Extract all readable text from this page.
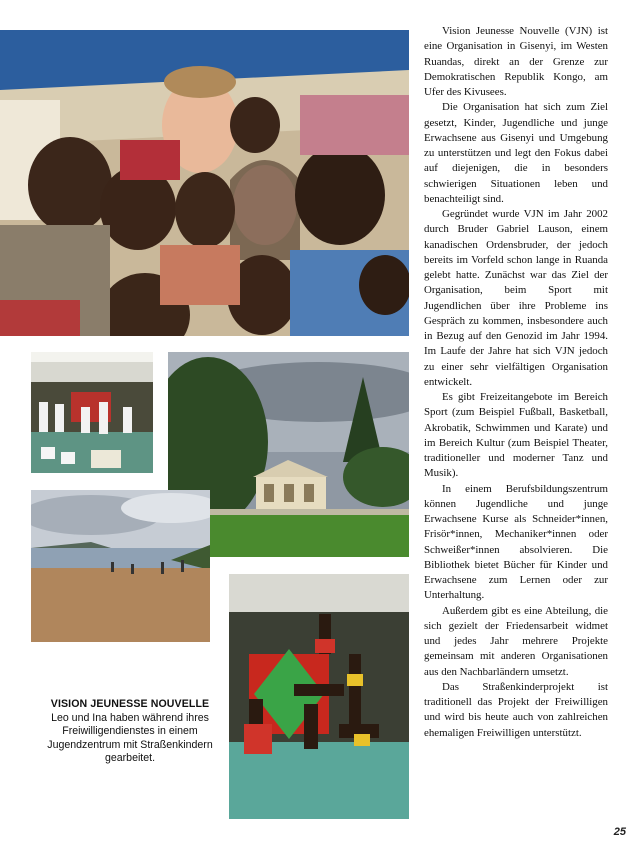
VISION JEUNESSE NOUVELLE
Leo und Ina haben während ihres Freiwilligendienstes in einem Jugendzentrum mit Straßenkindern gearbeitet.

Vision Jeunesse Nouvelle (VJN) ist eine Organisation in Gisenyi, im Westen Ruandas, direkt an der Grenze zur Demokratischen Republik Kongo, am Ufer des Kivusees.

Die Organisation hat sich zum Ziel gesetzt, Kinder, Jugendliche und junge Erwachsene aus Gisenyi und Umgebung zu unterstützen und legt den Fokus dabei auf diejenigen, die in besonders schwierigen Situationen leben und benachteiligt sind.

Gegründet wurde VJN im Jahr 2002 durch Bruder Gabriel Lauson, einem kanadischen Ordensbruder, der jedoch bereits im Vorfeld schon lange in Ruanda gelebt hatte. Zunächst war das Ziel der Organisation, beim Sport mit Jugendlichen über ihre Probleme ins Gespräch zu kommen, insbesondere auch in Bezug auf den Genozid im Jahr 1994. Im Laufe der Jahre hat sich VJN jedoch zu einer sehr vielfältigen Organisation entwickelt.

Es gibt Freizeitangebote im Bereich Sport (zum Beispiel Fußball, Basketball, Akrobatik, Schwimmen und Karate) und im Bereich Kultur (zum Beispiel Theater, traditioneller und moderner Tanz und Musik).

In einem Berufsbildungszentrum können Jugendliche und junge Erwachsene Kurse als Schneider*innen, Frisör*innen, Mechaniker*innen oder Schweißer*innen absolvieren. Die Bibliothek bietet Bücher für Kinder und Erwachsene zum Lernen oder zur Unterhaltung.

Außerdem gibt es eine Abteilung, die sich gezielt der Friedensarbeit widmet und jedes Jahr mehrere Projekte gemeinsam mit anderen Organisationen aus den Nachbarländern umsetzt.

Das Straßenkinderprojekt ist traditionell das Projekt der Freiwilligen und wird bis heute auch von zahlreichen ehemaligen Freiwilligen unterstützt.

25
